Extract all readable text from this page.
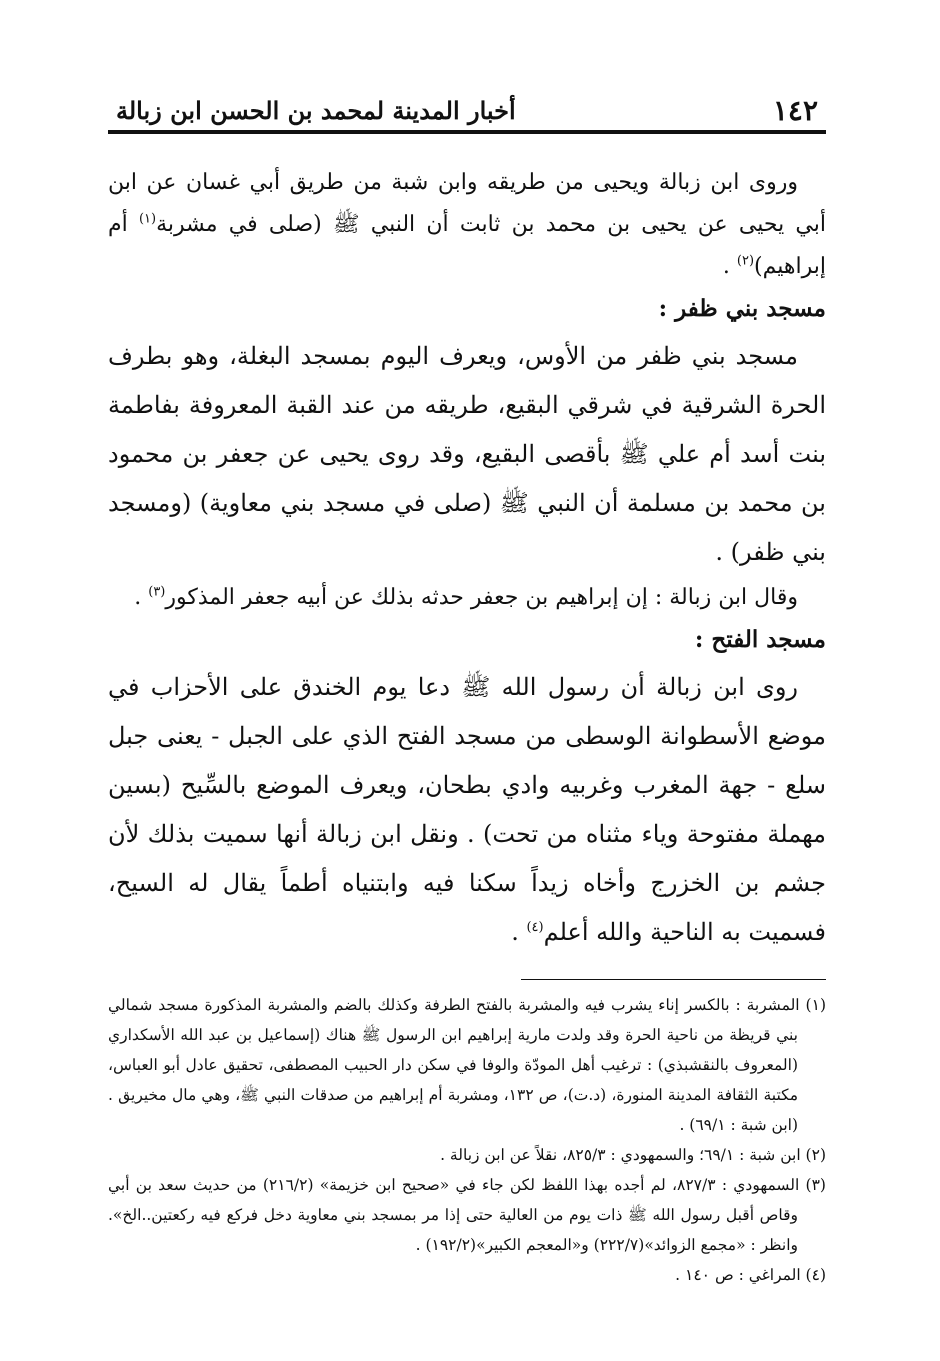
١٤٢
أخبار المدينة لمحمد بن الحسن ابن زبالة

وروى ابن زبالة ويحيى من طريقه وابن شبة من طريق أبي غسان عن ابن أبي يحيى عن يحيى بن محمد بن ثابت أن النبي ﷺ (صلى في مشربة$^{(١)}$ أم إبراهيم)$^{(٢)}$ .

مسجد بني ظفر :

مسجد بني ظفر من الأوس، ويعرف اليوم بمسجد البغلة، وهو بطرف الحرة الشرقية في شرقي البقيع، طريقه من عند القبة المعروفة بفاطمة بنت أسد أم علي ﷺ بأقصى البقيع، وقد روى يحيى عن جعفر بن محمود بن محمد بن مسلمة أن النبي ﷺ (صلى في مسجد بني معاوية) (ومسجد بني ظفر) .

وقال ابن زبالة : إن إبراهيم بن جعفر حدثه بذلك عن أبيه جعفر المذكور$^{(٣)}$ .

مسجد الفتح :

روى ابن زبالة أن رسول الله ﷺ دعا يوم الخندق على الأحزاب في موضع الأسطوانة الوسطى من مسجد الفتح الذي على الجبل - يعنى جبل سلع - جهة المغرب وغربيه وادي بطحان، ويعرف الموضع بالسِّيح (بسين مهملة مفتوحة وياء مثناه من تحت) . ونقل ابن زبالة أنها سميت بذلك لأن جشم بن الخزرج وأخاه زيداً سكنا فيه وابتنياه أطماً يقال له السيح، فسميت به الناحية والله أعلم$^{(٤)}$ .

(١) المشربة : بالكسر إناء يشرب فيه والمشربة بالفتح الطرفة وكذلك بالضم والمشربة المذكورة مسجد شمالي بني قريظة من ناحية الحرة وقد ولدت مارية إبراهيم ابن الرسول ﷺ هناك (إسماعيل بن عبد الله الأسكداري (المعروف بالنقشبذي) : ترغيب أهل المودّة والوفا في سكن دار الحبيب المصطفى، تحقيق عادل أبو العباس، مكتبة الثقافة المدينة المنورة، (د.ت)، ص ١٣٢، ومشربة أم إبراهيم من صدقات النبي ﷺ، وهي مال مخيريق . (ابن شبة : ٦٩/١) .

(٢) ابن شبة : ٦٩/١؛ والسمهودي : ٨٢٥/٣، نقلاً عن ابن زبالة .

(٣) السمهودي : ٨٢٧/٣، لم أجده بهذا اللفظ لكن جاء في «صحيح ابن خزيمة» (٢١٦/٢) من حديث سعد بن أبي وقاص أقبل رسول الله ﷺ ذات يوم من العالية حتى إذا مر بمسجد بني معاوية دخل فركع فيه ركعتين..الخ». وانظر : «مجمع الزوائد»(٢٢٢/٧) و«المعجم الكبير»(١٩٢/٢) .

(٤) المراغي : ص ١٤٠ .
